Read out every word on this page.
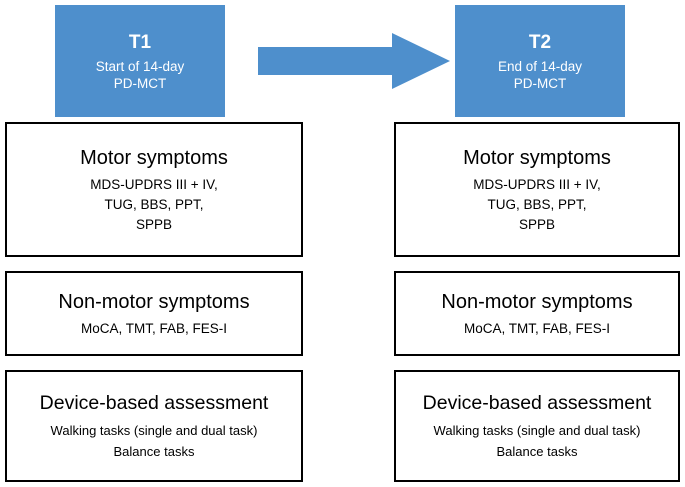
T1
Start of 14-day
PD-MCT
T2
End of 14-day
PD-MCT
Motor symptoms
MDS-UPDRS III + IV,
TUG, BBS, PPT,
SPPB
Non-motor symptoms
MoCA, TMT, FAB, FES-I
Device-based assessment
Walking tasks (single and dual task)
Balance tasks
Motor symptoms
MDS-UPDRS III + IV,
TUG, BBS, PPT,
SPPB
Non-motor symptoms
MoCA, TMT, FAB, FES-I
Device-based assessment
Walking tasks (single and dual task)
Balance tasks
